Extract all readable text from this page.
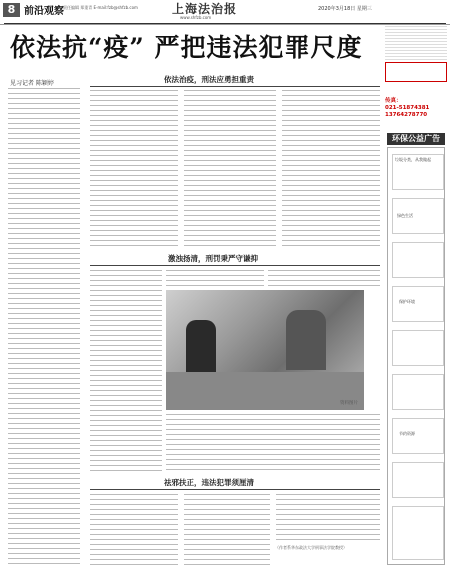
8 前沿观察 责任编辑 郑重青 E-mail:fzb@shfzb.com	上海法治报
www.shfzb.com
2020年3月18日 星期三
依法抗“疫” 严把违法犯罪尺度
见习记者 陈颖婷	依法治疫，刑法应勇担重责
激浊扬清，刑罚秉严守谦抑
资料图片
祛邪扶正，违法犯罪须厘清
（作者系华东政法大学刑事法学院教授）
传真：
021-51874381
13764278770
环保公益广告
垃圾分类，从我做起
绿色生活
保护环境
节约资源
